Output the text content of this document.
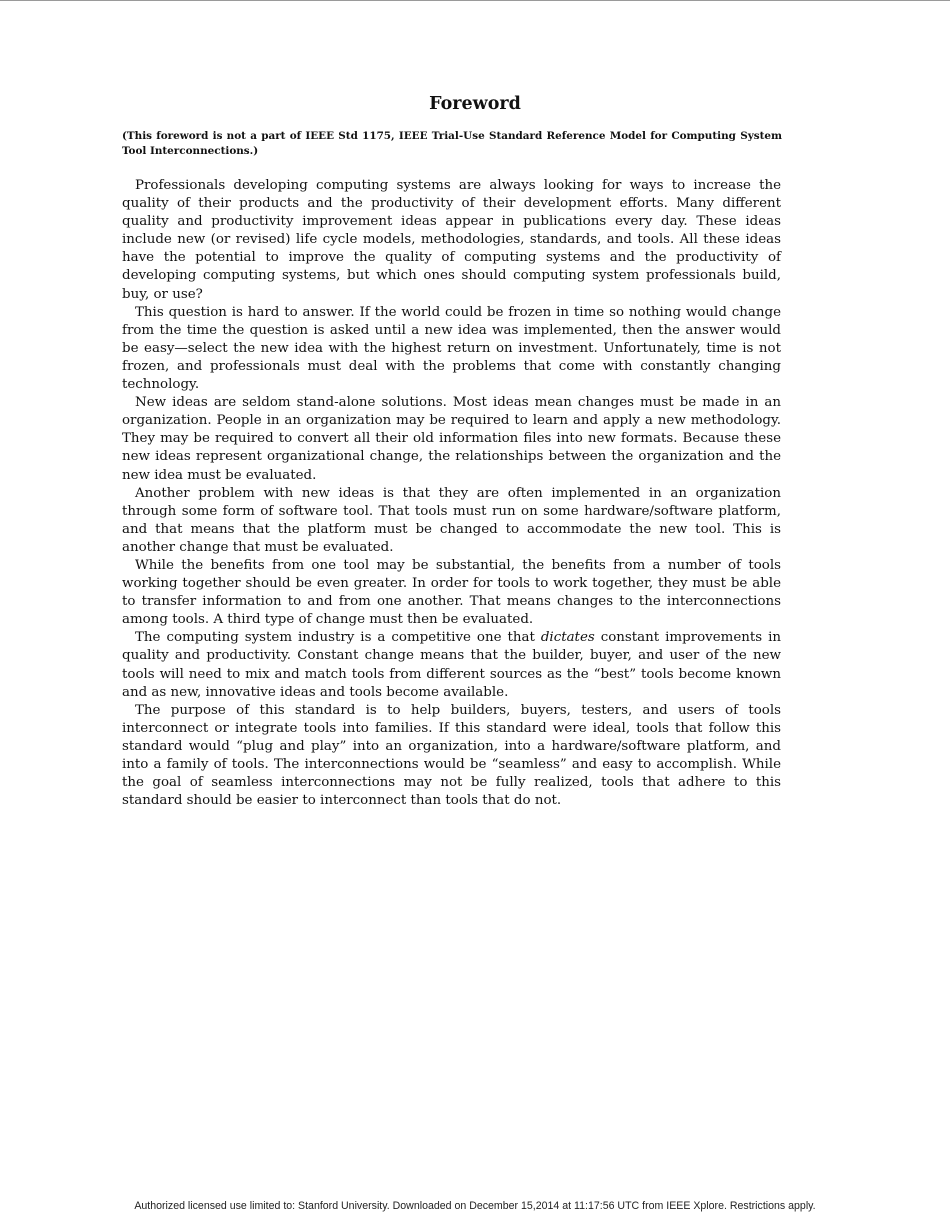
Foreword

(This foreword is not a part of IEEE Std 1175, IEEE Trial-Use Standard Reference Model for Computing System Tool Interconnections.)

Professionals developing computing systems are always looking for ways to increase the quality of their products and the productivity of their development efforts. Many different quality and productivity improvement ideas appear in publications every day. These ideas include new (or revised) life cycle models, methodologies, standards, and tools. All these ideas have the potential to improve the quality of computing systems and the productivity of developing computing systems, but which ones should computing system professionals build, buy, or use?

This question is hard to answer. If the world could be frozen in time so nothing would change from the time the question is asked until a new idea was implemented, then the answer would be easy—select the new idea with the highest return on investment. Unfortunately, time is not frozen, and professionals must deal with the problems that come with constantly changing technology.

New ideas are seldom stand-alone solutions. Most ideas mean changes must be made in an organization. People in an organization may be required to learn and apply a new methodology. They may be required to convert all their old information files into new formats. Because these new ideas represent organizational change, the relationships between the organization and the new idea must be evaluated.

Another problem with new ideas is that they are often implemented in an organization through some form of software tool. That tools must run on some hardware/software platform, and that means that the platform must be changed to accommodate the new tool. This is another change that must be evaluated.

While the benefits from one tool may be substantial, the benefits from a number of tools working together should be even greater. In order for tools to work together, they must be able to transfer information to and from one another. That means changes to the interconnections among tools. A third type of change must then be evaluated.

The computing system industry is a competitive one that dictates constant improvements in quality and productivity. Constant change means that the builder, buyer, and user of the new tools will need to mix and match tools from different sources as the “best” tools become known and as new, innovative ideas and tools become available.

The purpose of this standard is to help builders, buyers, testers, and users of tools interconnect or integrate tools into families. If this standard were ideal, tools that follow this standard would “plug and play” into an organization, into a hardware/software platform, and into a family of tools. The interconnections would be “seamless” and easy to accomplish. While the goal of seamless interconnections may not be fully realized, tools that adhere to this standard should be easier to interconnect than tools that do not.

Authorized licensed use limited to: Stanford University. Downloaded on December 15,2014 at 11:17:56 UTC from IEEE Xplore. Restrictions apply.
